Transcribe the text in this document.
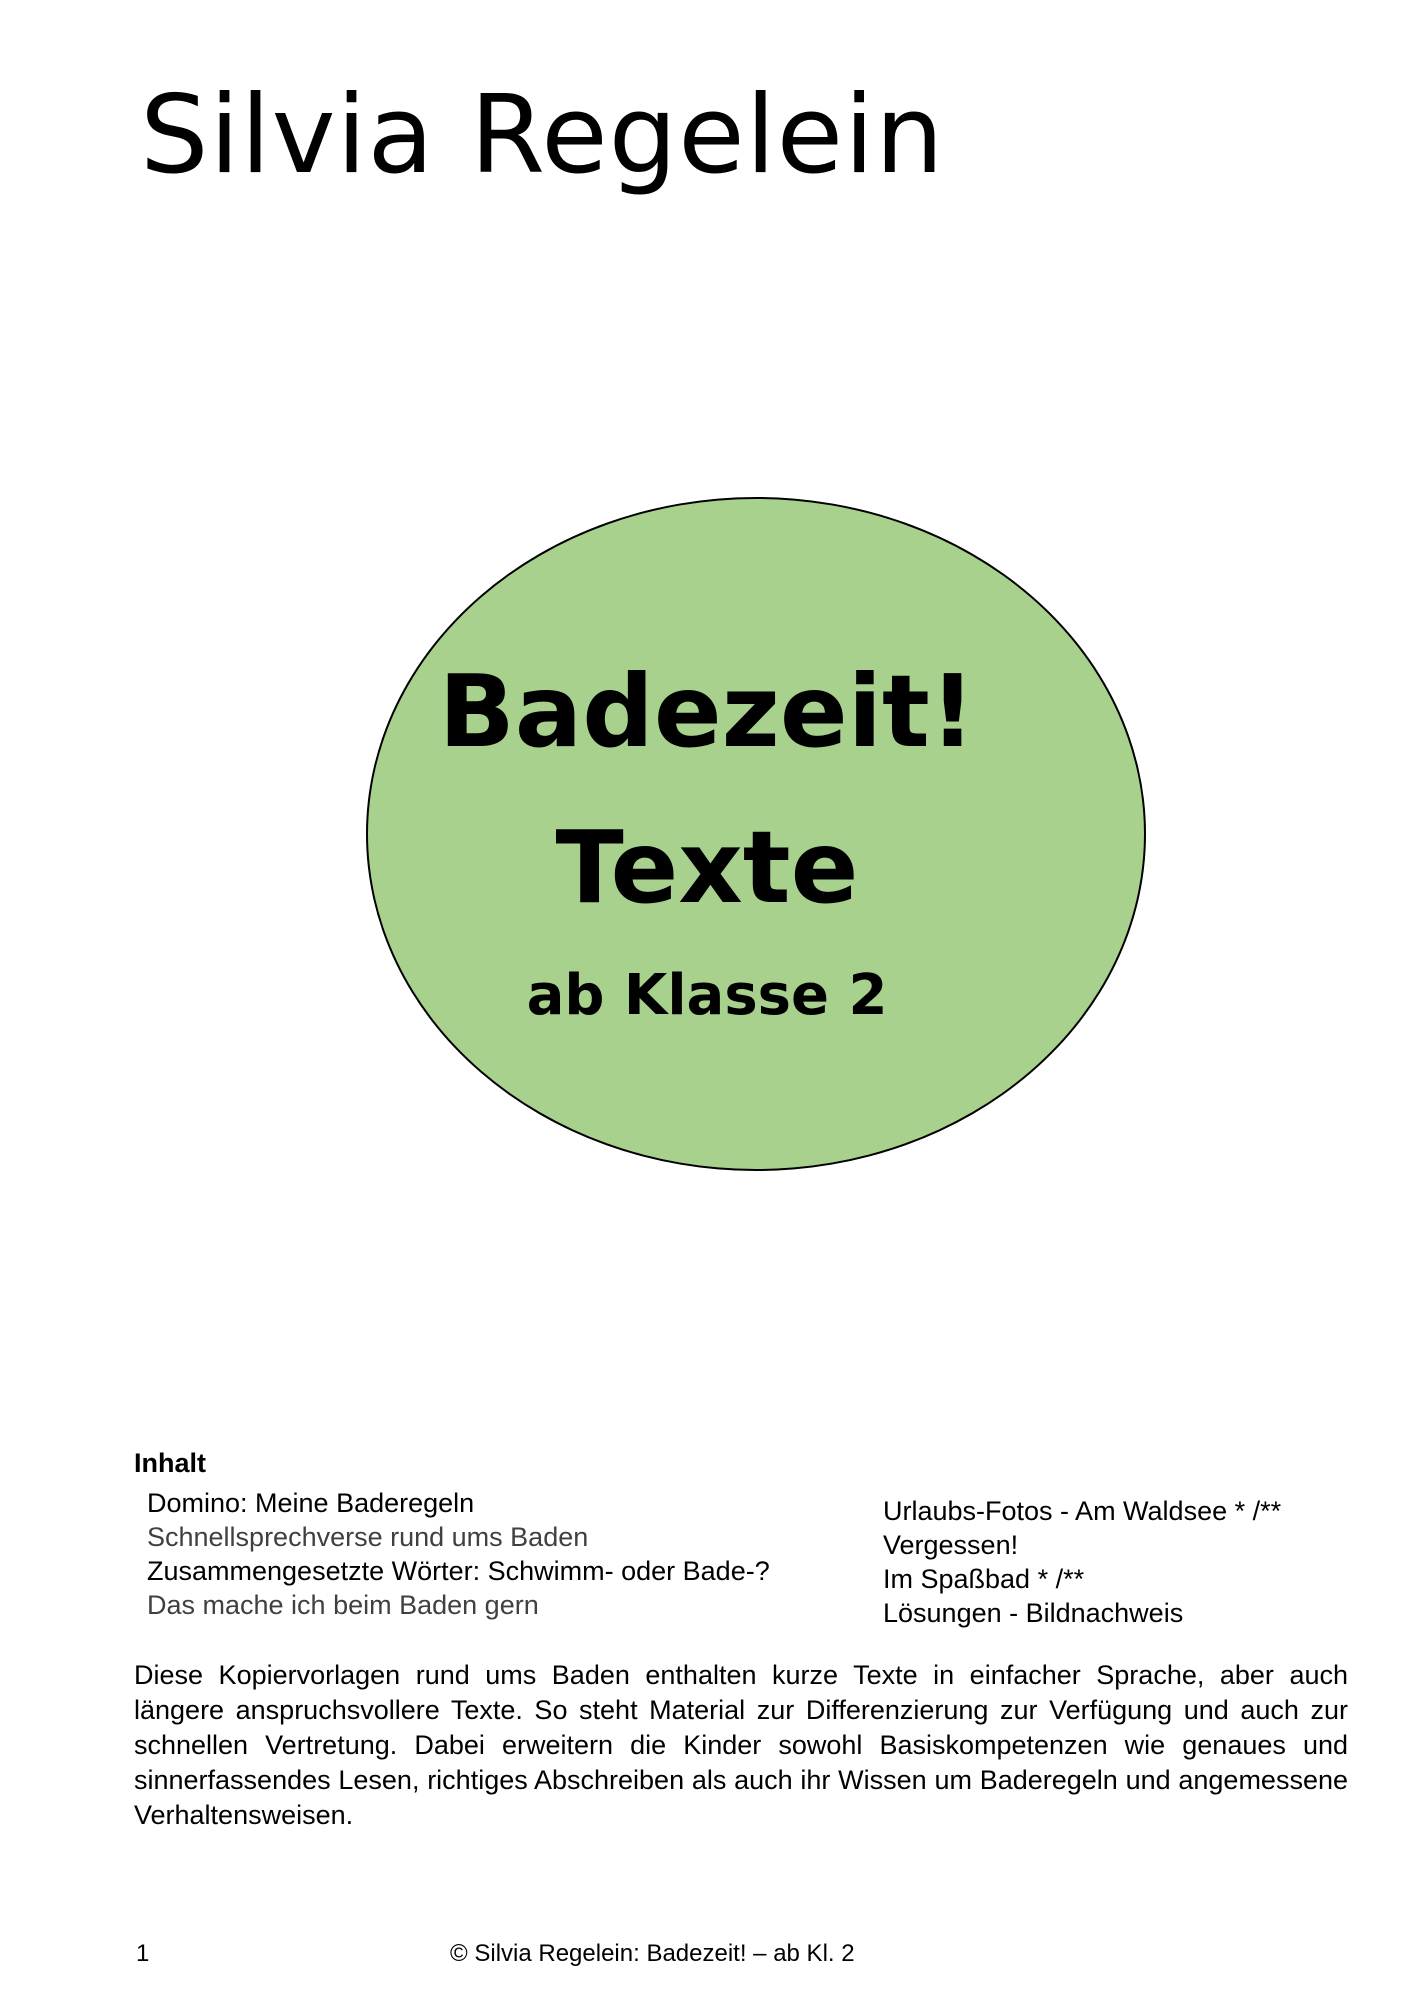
Silvia Regelein
Badezeit!
Texte
ab Klasse 2
Inhalt
Domino: Meine Baderegeln
Schnellsprechverse rund ums Baden
Zusammengesetzte Wörter: Schwimm- oder Bade-?
Das mache ich beim Baden gern
Urlaubs-Fotos - Am Waldsee * /**
Vergessen!
Im Spaßbad * /**
Lösungen - Bildnachweis

Diese Kopiervorlagen rund ums Baden enthalten kurze Texte in einfacher Sprache, aber auch längere anspruchsvollere Texte. So steht Material zur Differenzierung zur Verfügung und auch zur schnellen Vertretung. Dabei erweitern die Kinder sowohl Basiskompetenzen wie genaues und sinnerfassendes Lesen, richtiges Abschreiben als auch ihr Wissen um Baderegeln und angemessene Verhaltensweisen.

1	© Silvia Regelein: Badezeit! – ab Kl. 2
